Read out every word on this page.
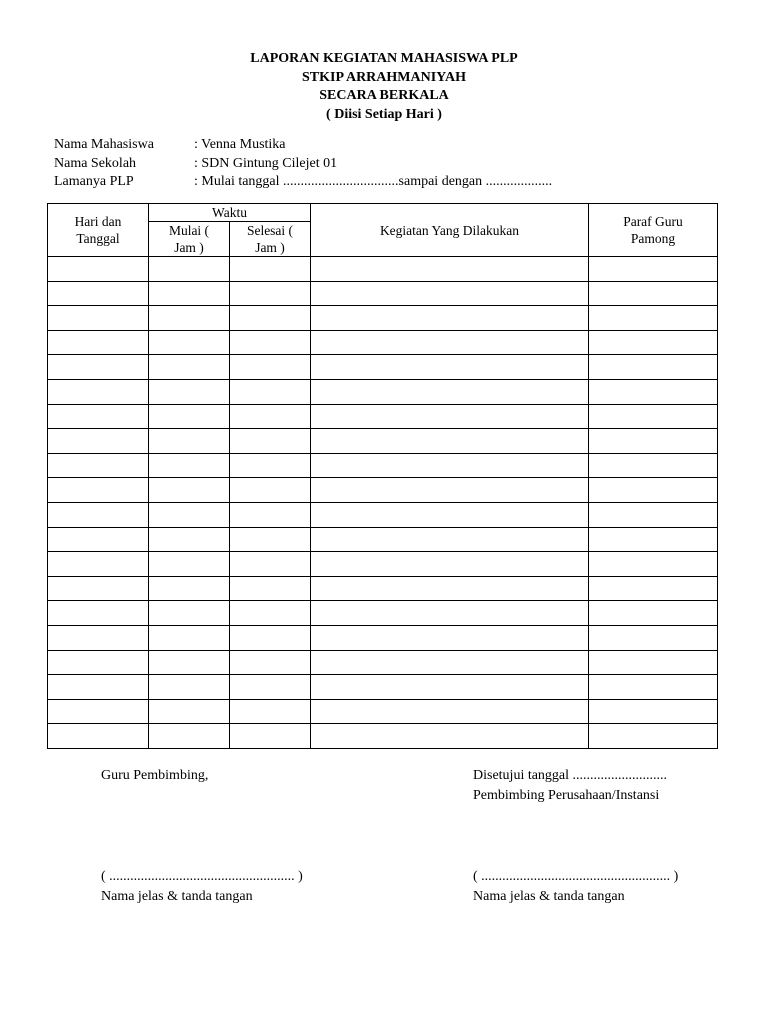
LAPORAN KEGIATAN MAHASISWA PLP
STKIP ARRAHMANIYAH
SECARA BERKALA
( Diisi Setiap Hari )
Nama Mahasiswa	: Venna Mustika
Nama Sekolah	: SDN Gintung Cilejet 01
Lamanya PLP	: Mulai tanggal .................................sampai dengan ...................
Hari dan Tanggal	Waktu		Kegiatan Yang Dilakukan	Paraf Guru Pamong
	Mulai ( Jam )	Selesai ( Jam )		

Guru Pembimbing,	Disetujui tanggal ...........................
Pembimbing Perusahaan/Instansi
( ..................................................... )
Nama jelas & tanda tangan
( ...................................................... )
Nama jelas & tanda tangan
